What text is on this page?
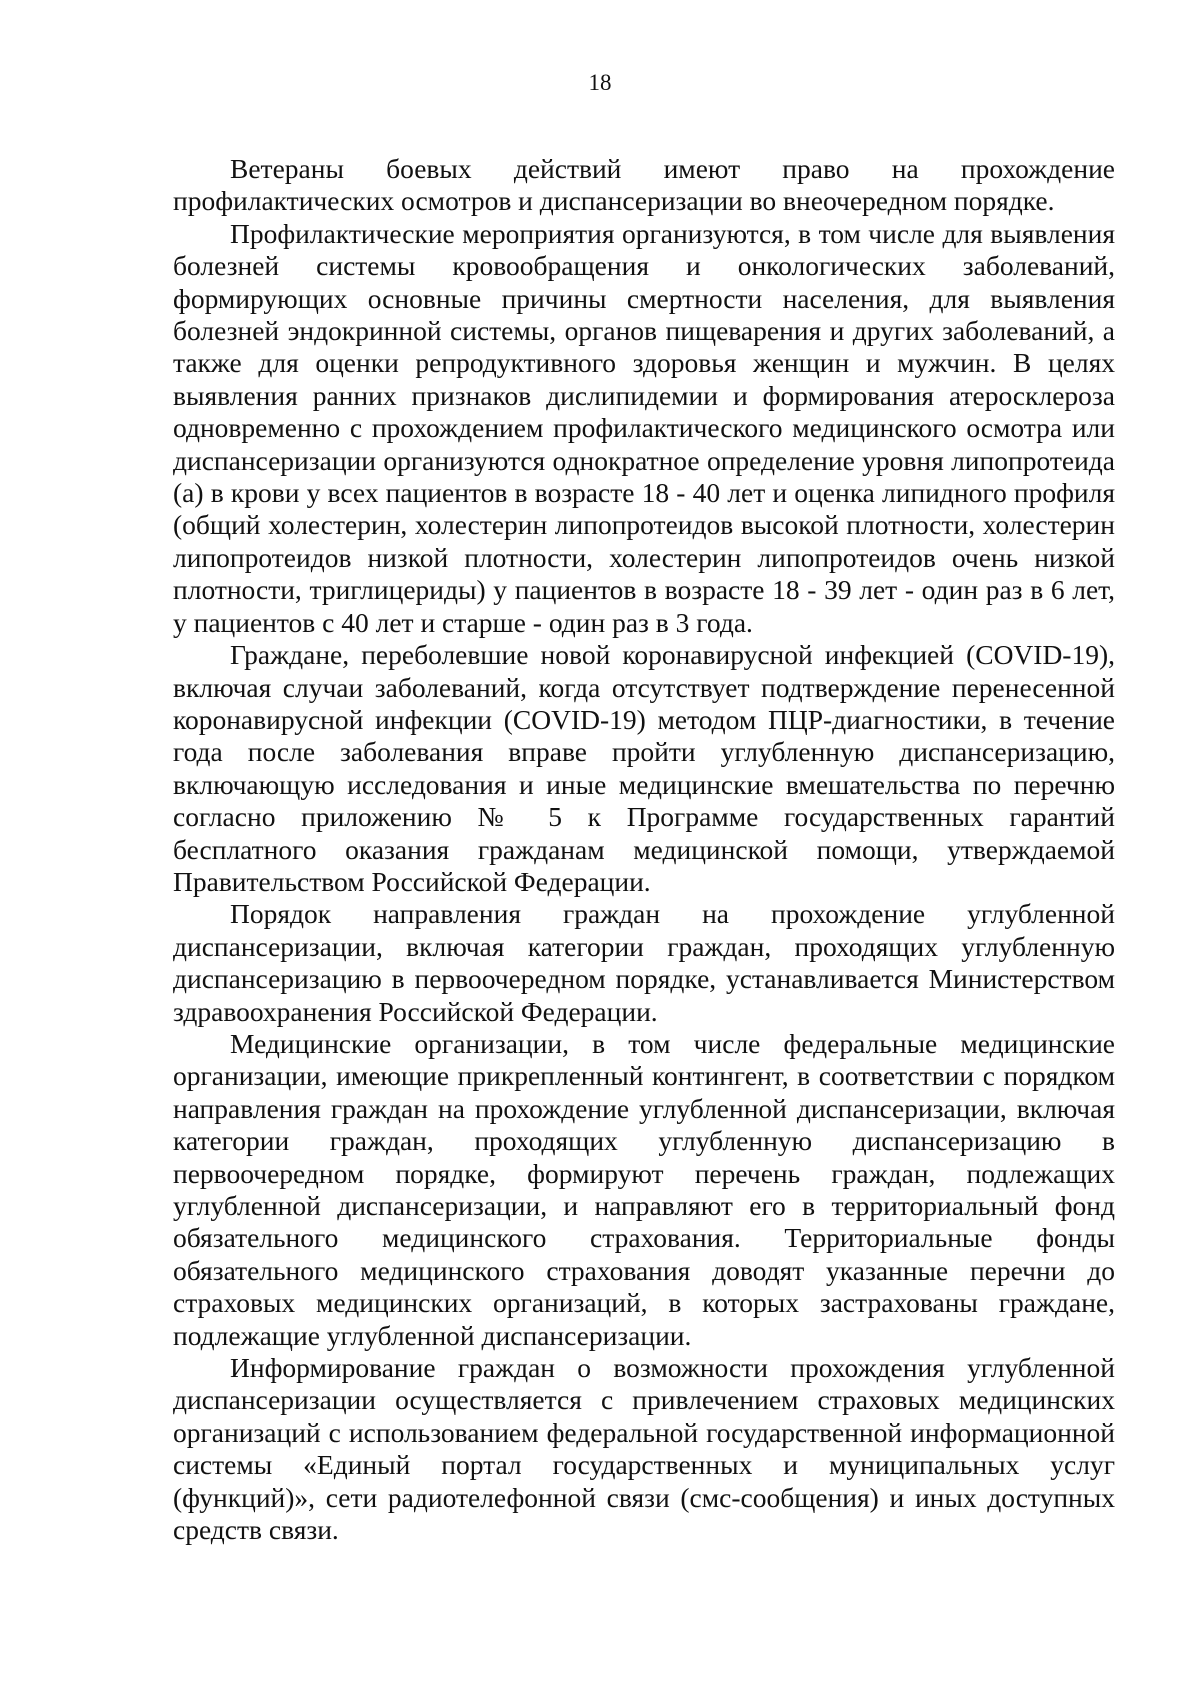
18

Ветераны боевых действий имеют право на прохождение профилактических осмотров и диспансеризации во внеочередном порядке.

Профилактические мероприятия организуются, в том числе для выявления болезней системы кровообращения и онкологических заболеваний, формирующих основные причины смертности населения, для выявления болезней эндокринной системы, органов пищеварения и других заболеваний, а также для оценки репродуктивного здоровья женщин и мужчин. В целях выявления ранних признаков дислипидемии и формирования атеросклероза одновременно с прохождением профилактического медицинского осмотра или диспансеризации организуются однократное определение уровня липопротеида (а) в крови у всех пациентов в возрасте 18 - 40 лет и оценка липидного профиля (общий холестерин, холестерин липопротеидов высокой плотности, холестерин липопротеидов низкой плотности, холестерин липопротеидов очень низкой плотности, триглицериды) у пациентов в возрасте 18 - 39 лет - один раз в 6 лет, у пациентов с 40 лет и старше - один раз в 3 года.

Граждане, переболевшие новой коронавирусной инфекцией (COVID-19), включая случаи заболеваний, когда отсутствует подтверждение перенесенной коронавирусной инфекции (COVID-19) методом ПЦР-диагностики, в течение года после заболевания вправе пройти углубленную диспансеризацию, включающую исследования и иные медицинские вмешательства по перечню согласно приложению № 5 к Программе государственных гарантий бесплатного оказания гражданам медицинской помощи, утверждаемой Правительством Российской Федерации.

Порядок направления граждан на прохождение углубленной диспансеризации, включая категории граждан, проходящих углубленную диспансеризацию в первоочередном порядке, устанавливается Министерством здравоохранения Российской Федерации.

Медицинские организации, в том числе федеральные медицинские организации, имеющие прикрепленный контингент, в соответствии с порядком направления граждан на прохождение углубленной диспансеризации, включая категории граждан, проходящих углубленную диспансеризацию в первоочередном порядке, формируют перечень граждан, подлежащих углубленной диспансеризации, и направляют его в территориальный фонд обязательного медицинского страхования. Территориальные фонды обязательного медицинского страхования доводят указанные перечни до страховых медицинских организаций, в которых застрахованы граждане, подлежащие углубленной диспансеризации.

Информирование граждан о возможности прохождения углубленной диспансеризации осуществляется с привлечением страховых медицинских организаций с использованием федеральной государственной информационной системы «Единый портал государственных и муниципальных услуг (функций)», сети радиотелефонной связи (смс-сообщения) и иных доступных средств связи.
